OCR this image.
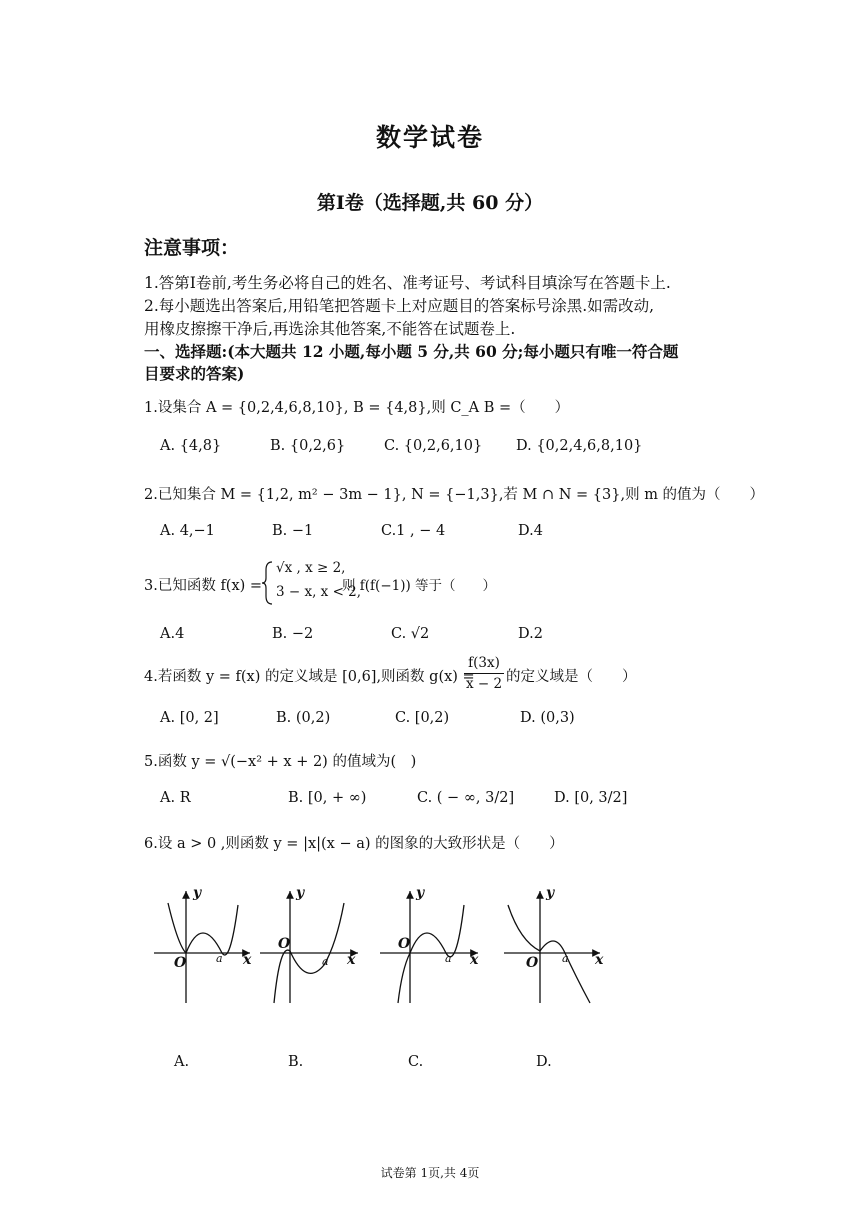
数学试卷
第Ⅰ卷（选择题,共 60 分）
注意事项：
1.答第Ⅰ卷前,考生务必将自己的姓名、准考证号、考试科目填涂写在答题卡上.
2.每小题选出答案后,用铅笔把答题卡上对应题目的答案标号涂黑.如需改动,
用橡皮擦擦干净后,再选涂其他答案,不能答在试题卷上.
一、选择题:(本大题共 12 小题,每小题 5 分,共 60 分;每小题只有唯一符合题
目要求的答案)
1.设集合 A = {0,2,4,6,8,10}, B = {4,8},则 C_A B =（　　）
A. {4,8}	B. {0,2,6}	C. {0,2,6,10} D. {0,2,4,6,8,10}
2.已知集合 M = {1,2, m² − 3m − 1}, N = {−1,3},若 M ∩ N = {3},则 m 的值为（　　）
A. 4,−1	B. −1	C.1 , − 4	D.4
3.已知函数 f(x) =
√x , x ≥ 2,
3 − x, x < 2,
则 f(f(−1)) 等于（　　）
A.4	B. −2	C. √2	D.2
4.若函数 y = f(x) 的定义域是 [0,6],则函数 g(x) =
f(3x)
x − 2 的定义域是（　　）
A. [0, 2]	B. (0,2)	C. [0,2)	D. (0,3)
5.函数 y = √(−x² + x + 2) 的值域为(　)
A. R	B. [0, + ∞)	C. ( − ∞, 3/2]	D. [0, 3/2]
6.设 a > 0 ,则函数 y = |x|(x − a) 的图象的大致形状是（　　）
y
x
O	a
y
x
O
a
y
x
O
a
y
x
O a
A.	B.	C.	D.
试卷第 1页,共 4页
